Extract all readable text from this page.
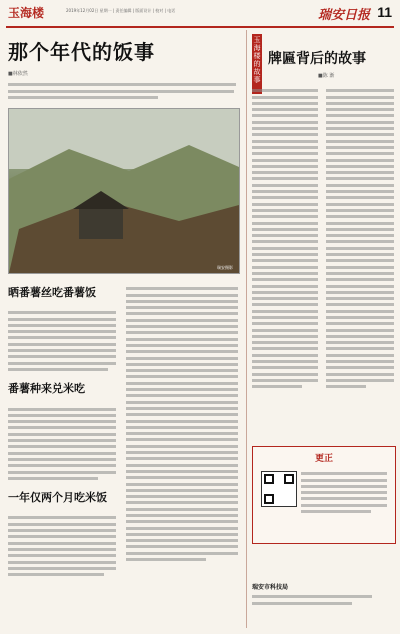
玉海楼	2019年12月02日 星期一 | 责任编辑 | 版面设计 | 校对 | 电话	瑞安日报 11
那个年代的饭事
■林依然
瑞安摄影
晒番薯丝吃番薯饭
番薯种来兑米吃
一年仅两个月吃米饭
玉海楼的故事
牌匾背后的故事
■陈 渐
更正
瑞安市科技局
